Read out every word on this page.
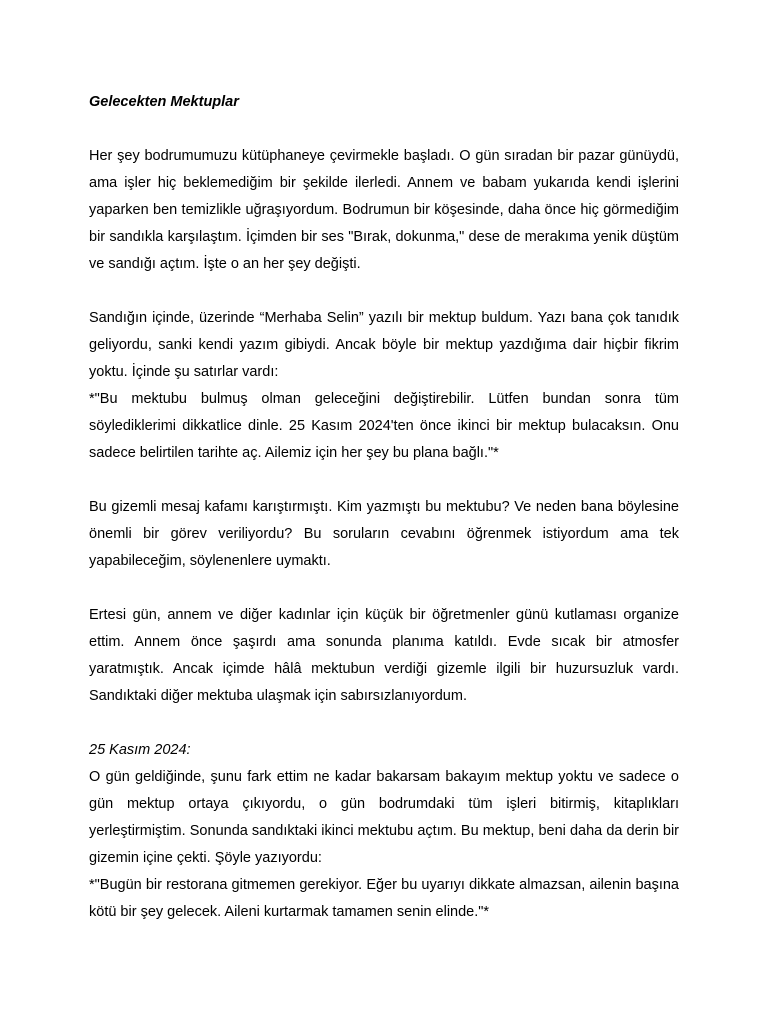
Gelecekten Mektuplar

Her şey bodrumumuzu kütüphaneye çevirmekle başladı. O gün sıradan bir pazar günüydü, ama işler hiç beklemediğim bir şekilde ilerledi. Annem ve babam yukarıda kendi işlerini yaparken ben temizlikle uğraşıyordum. Bodrumun bir köşesinde, daha önce hiç görmediğim bir sandıkla karşılaştım. İçimden bir ses "Bırak, dokunma," dese de merakıma yenik düştüm ve sandığı açtım. İşte o an her şey değişti.

Sandığın içinde, üzerinde “Merhaba Selin” yazılı bir mektup buldum. Yazı bana çok tanıdık geliyordu, sanki kendi yazım gibiydi. Ancak böyle bir mektup yazdığıma dair hiçbir fikrim yoktu. İçinde şu satırlar vardı:

*"Bu mektubu bulmuş olman geleceğini değiştirebilir. Lütfen bundan sonra tüm söylediklerimi dikkatlice dinle. 25 Kasım 2024'ten önce ikinci bir mektup bulacaksın. Onu sadece belirtilen tarihte aç. Ailemiz için her şey bu plana bağlı."*

Bu gizemli mesaj kafamı karıştırmıştı. Kim yazmıştı bu mektubu? Ve neden bana böylesine önemli bir görev veriliyordu? Bu soruların cevabını öğrenmek istiyordum ama tek yapabileceğim, söylenenlere uymaktı.

Ertesi gün, annem ve diğer kadınlar için küçük bir öğretmenler günü kutlaması organize ettim. Annem önce şaşırdı ama sonunda planıma katıldı. Evde sıcak bir atmosfer yaratmıştık. Ancak içimde hâlâ mektubun verdiği gizemle ilgili bir huzursuzluk vardı. Sandıktaki diğer mektuba ulaşmak için sabırsızlanıyordum.

25 Kasım 2024:

O gün geldiğinde, şunu fark ettim ne kadar bakarsam bakayım mektup yoktu ve sadece o gün mektup ortaya çıkıyordu, o gün bodrumdaki tüm işleri bitirmiş, kitaplıkları yerleştirmiştim. Sonunda sandıktaki ikinci mektubu açtım. Bu mektup, beni daha da derin bir gizemin içine çekti. Şöyle yazıyordu:

*"Bugün bir restorana gitmemen gerekiyor. Eğer bu uyarıyı dikkate almazsan, ailenin başına kötü bir şey gelecek. Aileni kurtarmak tamamen senin elinde."*
